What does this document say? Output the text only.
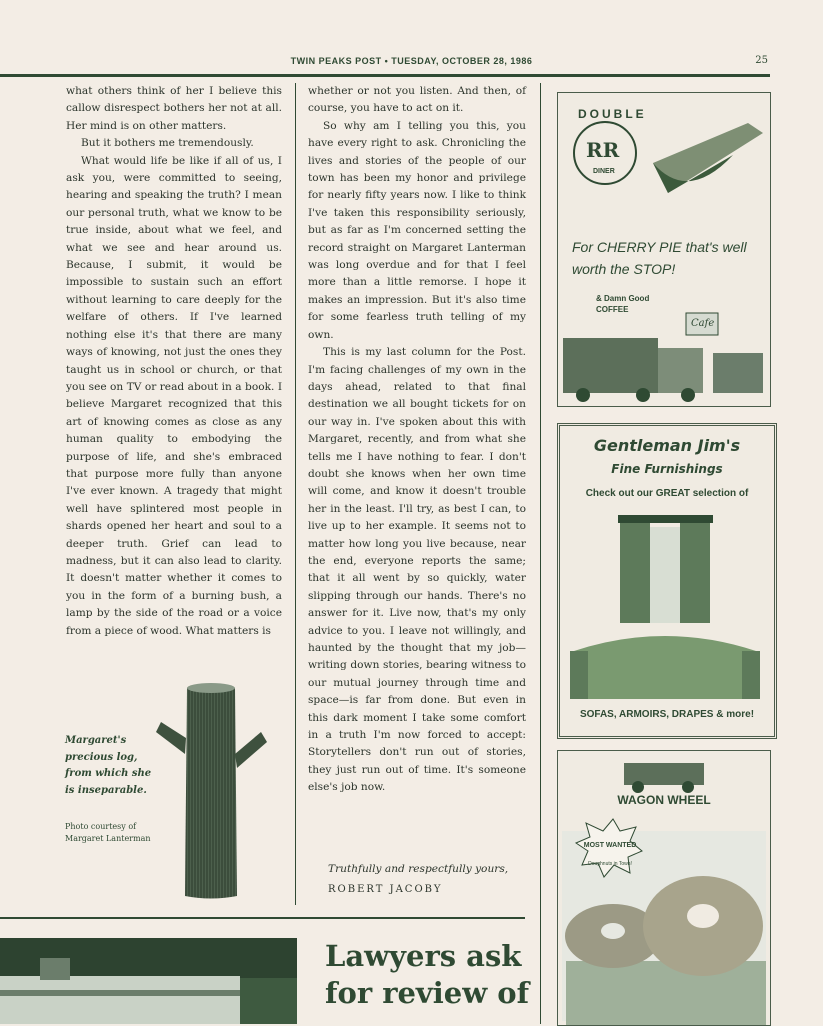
TWIN PEAKS POST • TUESDAY, OCTOBER 28, 1986	25

what others think of her I believe this callow disrespect bothers her not at all. Her mind is on other matters.

But it bothers me tremendously.

What would life be like if all of us, I ask you, were committed to seeing, hearing and speaking the truth? I mean our personal truth, what we know to be true inside, about what we feel, and what we see and hear around us. Because, I submit, it would be impossible to sustain such an effort without learning to care deeply for the welfare of others. If I've learned nothing else it's that there are many ways of knowing, not just the ones they taught us in school or church, or that you see on TV or read about in a book. I believe Margaret recognized that this art of knowing comes as close as any human quality to embodying the purpose of life, and she's embraced that purpose more fully than anyone I've ever known. A tragedy that might well have splintered most people in shards opened her heart and soul to a deeper truth. Grief can lead to madness, but it can also lead to clarity. It doesn't matter whether it comes to you in the form of a burning bush, a lamp by the side of the road or a voice from a piece of wood. What matters is

Margaret's precious log, from which she is inseparable.
Photo courtesy of Margaret Lanterman

whether or not you listen. And then, of course, you have to act on it.

So why am I telling you this, you have every right to ask. Chronicling the lives and stories of the people of our town has been my honor and privilege for nearly fifty years now. I like to think I've taken this responsibility seriously, but as far as I'm concerned setting the record straight on Margaret Lanterman was long overdue and for that I feel more than a little remorse. I hope it makes an impression. But it's also time for some fearless truth telling of my own.

This is my last column for the Post. I'm facing challenges of my own in the days ahead, related to that final destination we all bought tickets for on our way in. I've spoken about this with Margaret, recently, and from what she tells me I have nothing to fear. I don't doubt she knows when her own time will come, and know it doesn't trouble her in the least. I'll try, as best I can, to live up to her example. It seems not to matter how long you live because, near the end, everyone reports the same; that it all went by so quickly, water slipping through our hands. There's no answer for it. Live now, that's my only advice to you. I leave not willingly, and haunted by the thought that my job—writing down stories, bearing witness to our mutual journey through time and space—is far from done. But even in this dark moment I take some comfort in a truth I'm now forced to accept: Storytellers don't run out of stories, they just run out of time. It's someone else's job now.

Truthfully and respectfully yours,
ROBERT JACOBY
Lawyers ask for review of
DOUBLE
RR
DINER
For CHERRY PIE that's well worth the STOP!
& Damn Good COFFEE
Cafe
Gentleman Jim's
Fine Furnishings
Check out our GREAT selection of
SOFAS, ARMOIRS, DRAPES & more!
WAGON WHEEL
MOST WANTED
Doughnuts in Town!
